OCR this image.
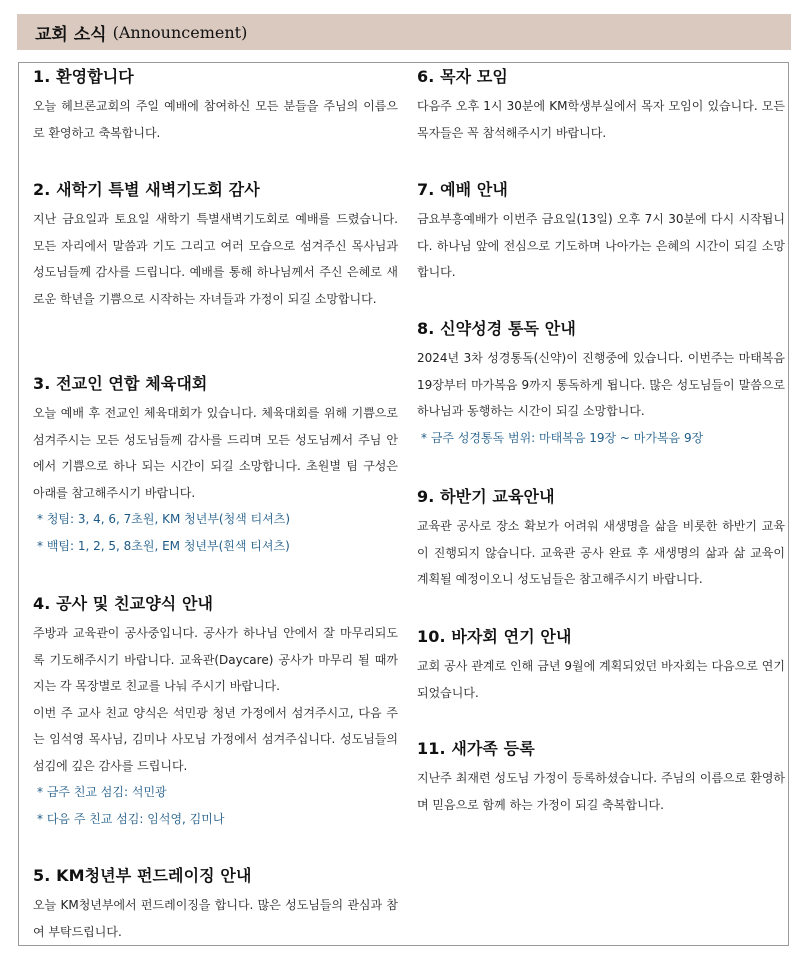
교회 소식 (Announcement)
1. 환영합니다

오늘 헤브론교회의 주일 예배에 참여하신 모든 분들을 주님의 이름으로 환영하고 축복합니다.

2. 새학기 특별 새벽기도회 감사

지난 금요일과 토요일 새학기 특별새벽기도회로 예배를 드렸습니다. 모든 자리에서 말씀과 기도 그리고 여러 모습으로 섬겨주신 목사님과 성도님들께 감사를 드립니다. 예배를 통해 하나님께서 주신 은혜로 새로운 학년을 기쁨으로 시작하는 자녀들과 가정이 되길 소망합니다.

3. 전교인 연합 체육대회

오늘 예배 후 전교인 체육대회가 있습니다. 체육대회를 위해 기쁨으로 섬겨주시는 모든 성도님들께 감사를 드리며 모든 성도님께서 주님 안에서 기쁨으로 하나 되는 시간이 되길 소망합니다. 초원별 팀 구성은 아래를 참고해주시기 바랍니다.

* 청팀: 3, 4, 6, 7초원, KM 청년부(청색 티셔츠)
* 백팀: 1, 2, 5, 8초원, EM 청년부(흰색 티셔츠)
4. 공사 및 친교양식 안내

주방과 교육관이 공사중입니다. 공사가 하나님 안에서 잘 마무리되도록 기도해주시기 바랍니다. 교육관(Daycare) 공사가 마무리 될 때까지는 각 목장별로 친교를 나눠 주시기 바랍니다.

이번 주 교사 친교 양식은 석민광 청년 가정에서 섬겨주시고, 다음 주는 임석영 목사님, 김미나 사모님 가정에서 섬겨주십니다. 성도님들의 섬김에 깊은 감사를 드립니다.

* 금주 친교 섬김: 석민광
* 다음 주 친교 섬김: 임석영, 김미나
5. KM청년부 펀드레이징 안내

오늘 KM청년부에서 펀드레이징을 합니다. 많은 성도님들의 관심과 참여 부탁드립니다.

6. 목자 모임

다음주 오후 1시 30분에 KM학생부실에서 목자 모임이 있습니다. 모든 목자들은 꼭 참석해주시기 바랍니다.

7. 예배 안내

금요부흥예배가 이번주 금요일(13일) 오후 7시 30분에 다시 시작됩니다. 하나님 앞에 전심으로 기도하며 나아가는 은혜의 시간이 되길 소망합니다.

8. 신약성경 통독 안내

2024년 3차 성경통독(신약)이 진행중에 있습니다. 이번주는 마태복음 19장부터 마가복음 9까지 통독하게 됩니다. 많은 성도님들이 말씀으로 하나님과 동행하는 시간이 되길 소망합니다.

* 금주 성경통독 범위: 마태복음 19장 ~ 마가복음 9장
9. 하반기 교육안내

교육관 공사로 장소 확보가 어려워 새생명을 삶을 비롯한 하반기 교육이 진행되지 않습니다. 교육관 공사 완료 후 새생명의 삶과 삶 교육이 계획될 예정이오니 성도님들은 참고해주시기 바랍니다.

10. 바자회 연기 안내

교회 공사 관계로 인해 금년 9월에 계획되었던 바자회는 다음으로 연기되었습니다.

11. 새가족 등록

지난주 최재련 성도님 가정이 등록하셨습니다. 주님의 이름으로 환영하며 믿음으로 함께 하는 가정이 되길 축복합니다.
